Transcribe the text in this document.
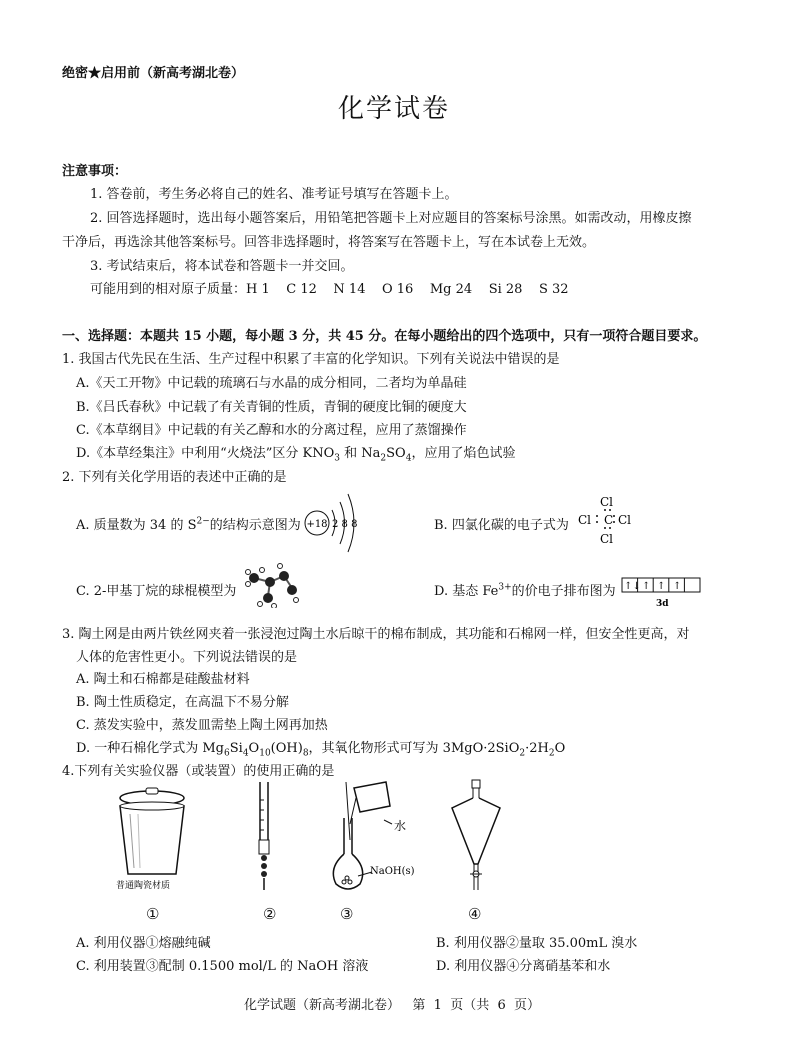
绝密★启用前（新高考湖北卷）
化学试卷
注意事项：
1. 答卷前，考生务必将自己的姓名、准考证号填写在答题卡上。
2. 回答选择题时，选出每小题答案后，用铅笔把答题卡上对应题目的答案标号涂黑。如需改动，用橡皮擦
干净后，再选涂其他答案标号。回答非选择题时，将答案写在答题卡上，写在本试卷上无效。
3. 考试结束后，将本试卷和答题卡一并交回。
可能用到的相对原子质量：H 1    C 12    N 14    O 16    Mg 24    Si 28    S 32
一、选择题：本题共 15 小题，每小题 3 分，共 45 分。在每小题给出的四个选项中，只有一项符合题目要求。
1. 我国古代先民在生活、生产过程中积累了丰富的化学知识。下列有关说法中错误的是
A.《天工开物》中记载的琉璃石与水晶的成分相同，二者均为单晶硅
B.《吕氏春秋》中记载了有关青铜的性质，青铜的硬度比铜的硬度大
C.《本草纲目》中记载的有关乙醇和水的分离过程，应用了蒸馏操作
D.《本草经集注》中利用“火烧法”区分 $KNO_3$ 和 $Na_2SO_4$，应用了焰色试验
2. 下列有关化学用语的表述中正确的是
A. 质量数为 34 的 $S^{2-}$的结构示意图为 +18 2 8 8	B. 四氯化碳的电子式为
Cl
Cl C Cl
Cl
C. 2-甲基丁烷的球棍模型为	D. 基态 $Fe^{3+}$的价电子排布图为 ↑↓ ↑ ↑ ↑
3d
3. 陶土网是由两片铁丝网夹着一张浸泡过陶土水后晾干的棉布制成，其功能和石棉网一样，但安全性更高，对
人体的危害性更小。下列说法错误的是
A. 陶土和石棉都是硅酸盐材料
B. 陶土性质稳定，在高温下不易分解
C. 蒸发实验中，蒸发皿需垫上陶土网再加热
D. 一种石棉化学式为 $Mg_6Si_4O_{10}(OH)_8$，其氧化物形式可写为 $3MgO\cdot 2SiO_2\cdot 2H_2O$
4.下列有关实验仪器（或装置）的使用正确的是
普通陶瓷材质
水
NaOH(s)
①	②	③	④
A. 利用仪器①熔融纯碱	B. 利用仪器②量取 35.00mL 溴水
C. 利用装置③配制 0.1500 mol/L 的 NaOH 溶液	D. 利用仪器④分离硝基苯和水
化学试题（新高考湖北卷）   第  1  页（共  6  页）
